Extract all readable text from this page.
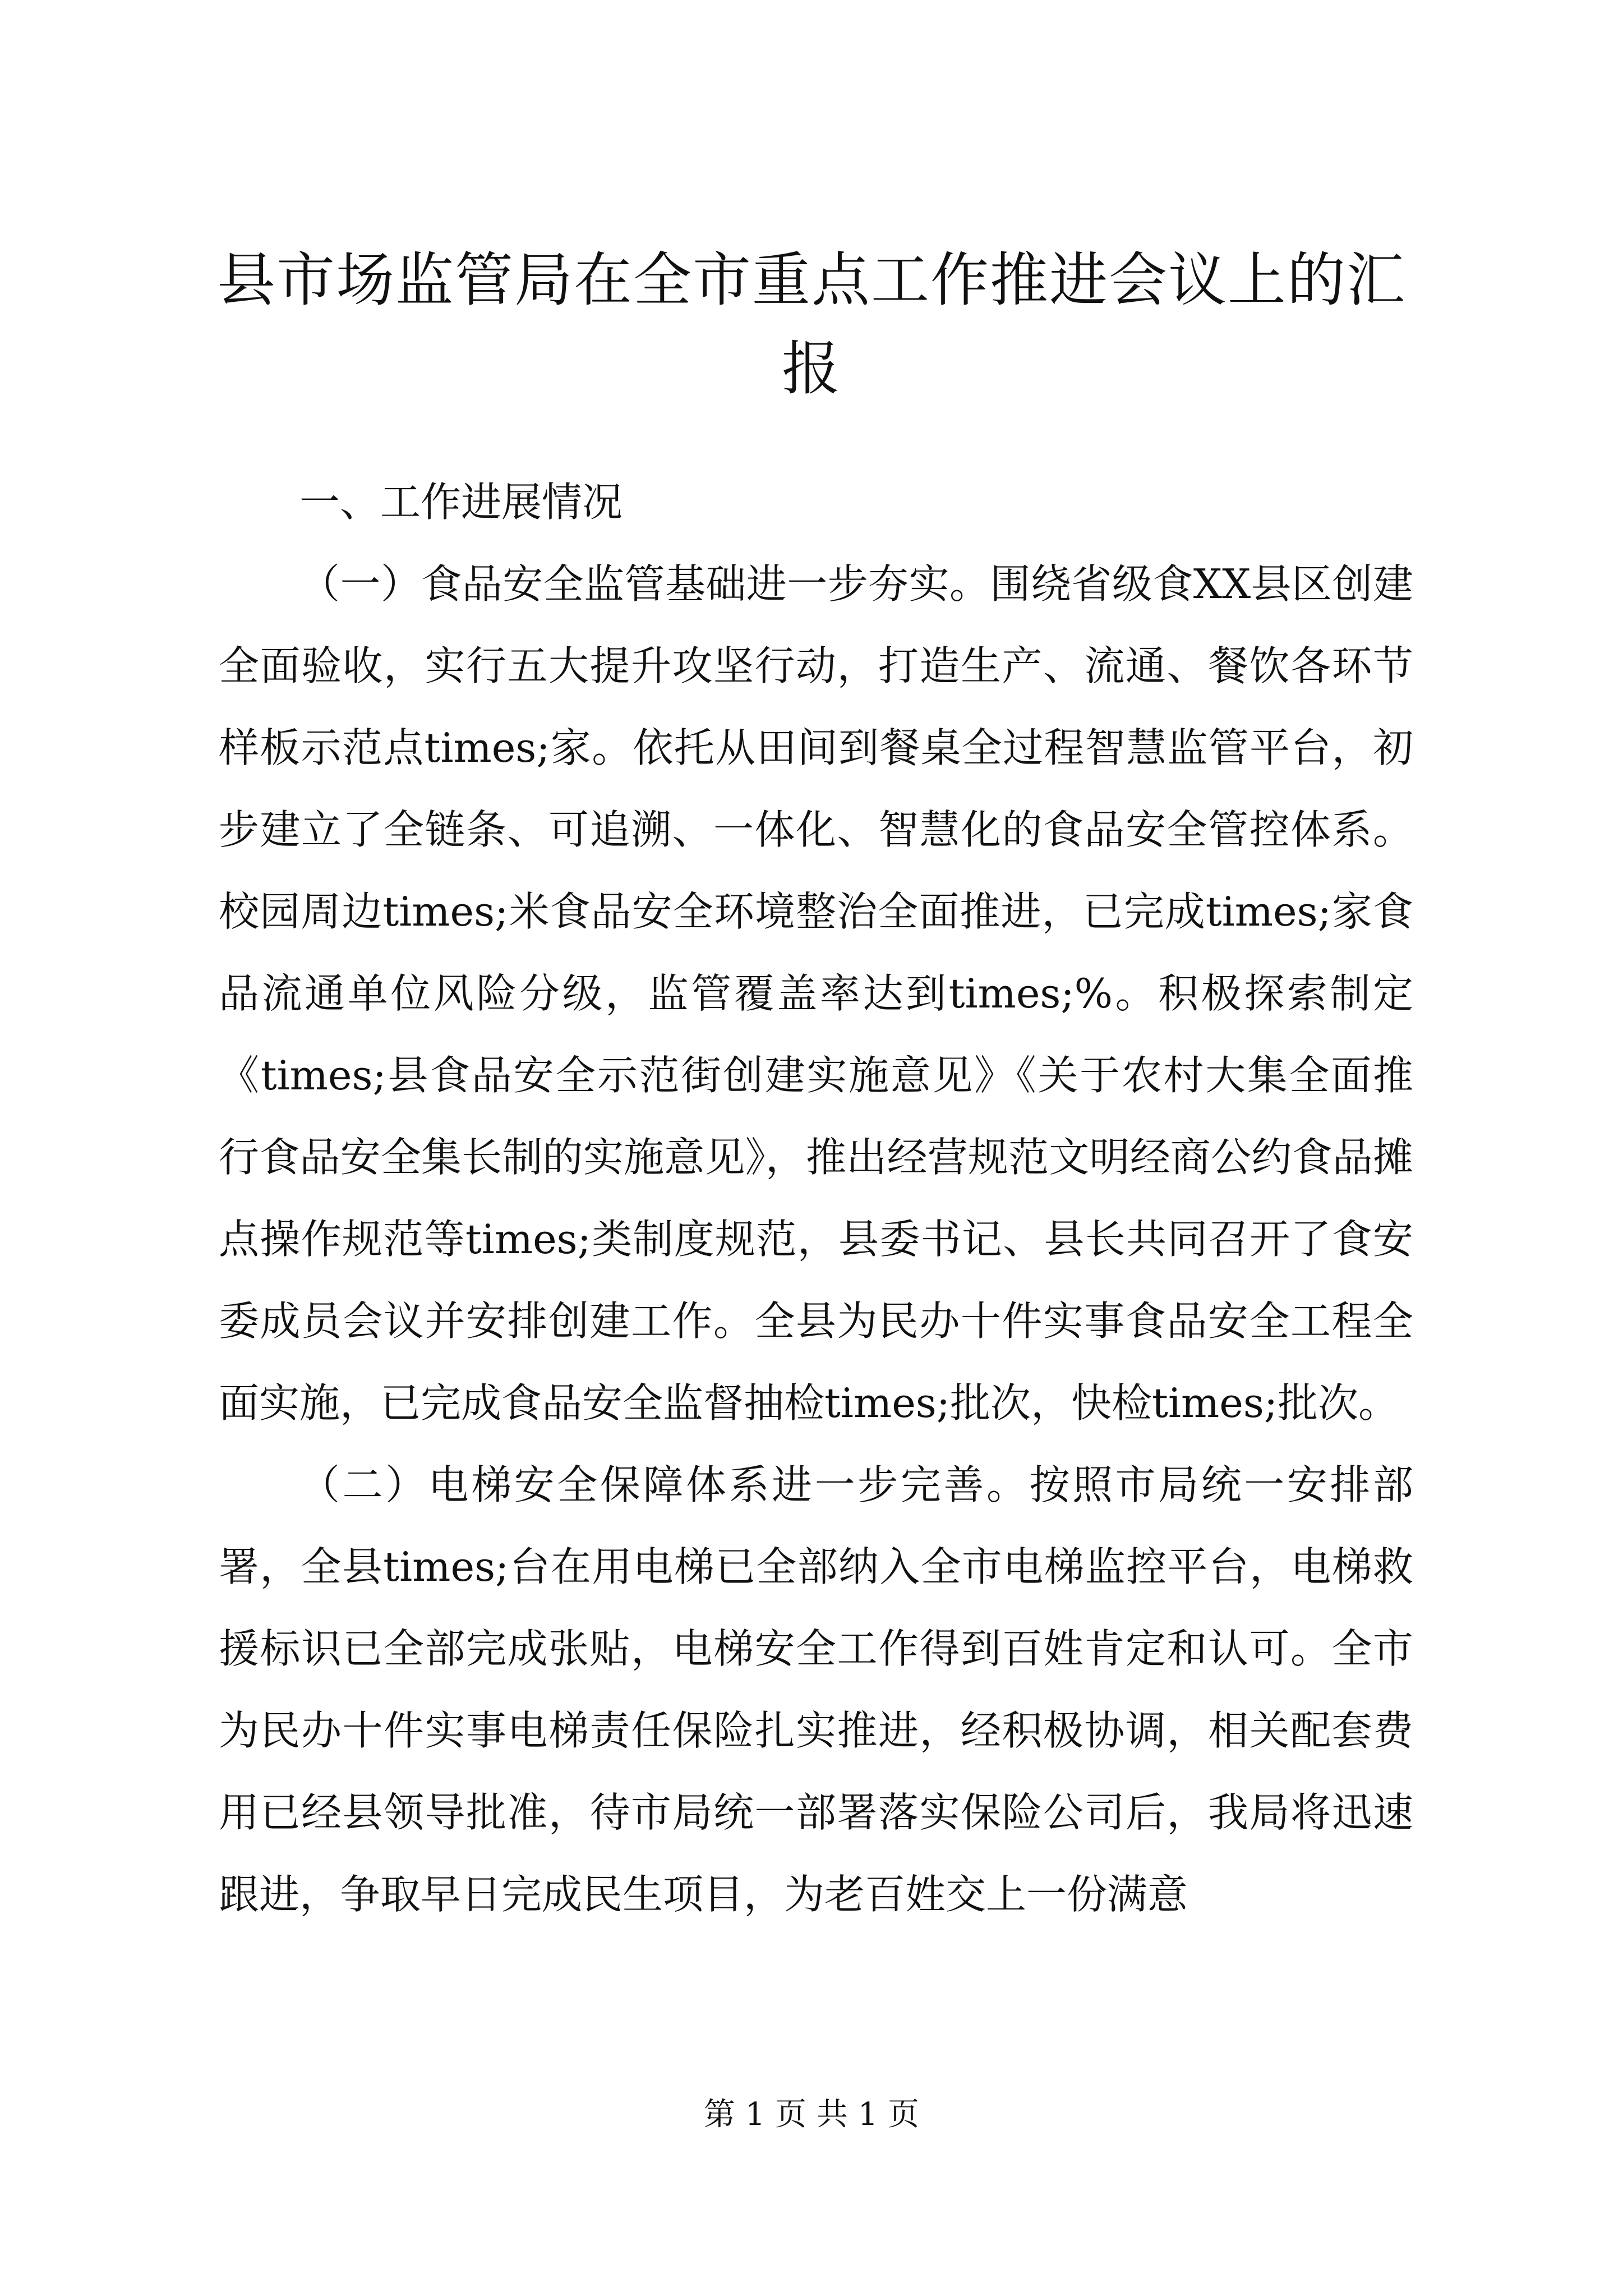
县市场监管局在全市重点工作推进会议上的汇报

一、工作进展情况

（一）食品安全监管基础进一步夯实。围绕省级食XX县区创建全面验收，实行五大提升攻坚行动，打造生产、流通、餐饮各环节样板示范点times;家。依托从田间到餐桌全过程智慧监管平台，初步建立了全链条、可追溯、一体化、智慧化的食品安全管控体系。校园周边times;米食品安全环境整治全面推进，已完成times;家食品流通单位风险分级，监管覆盖率达到times;%。积极探索制定《times;县食品安全示范街创建实施意见》《关于农村大集全面推行食品安全集长制的实施意见》，推出经营规范文明经商公约食品摊点操作规范等times;类制度规范，县委书记、县长共同召开了食安委成员会议并安排创建工作。全县为民办十件实事食品安全工程全面实施，已完成食品安全监督抽检times;批次，快检times;批次。

（二）电梯安全保障体系进一步完善。按照市局统一安排部署，全县times;台在用电梯已全部纳入全市电梯监控平台，电梯救援标识已全部完成张贴，电梯安全工作得到百姓肯定和认可。全市为民办十件实事电梯责任保险扎实推进，经积极协调，相关配套费用已经县领导批准，待市局统一部署落实保险公司后，我局将迅速跟进，争取早日完成民生项目，为老百姓交上一份满意

第 1 页 共 1 页
